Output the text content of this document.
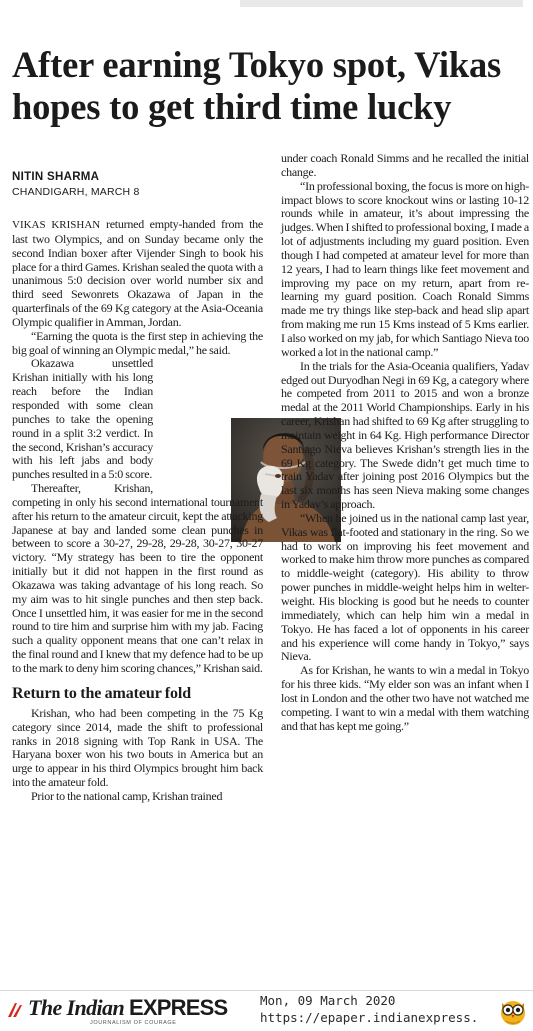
After earning Tokyo spot, Vikas hopes to get third time lucky
NITIN SHARMA
CHANDIGARH, MARCH 8

VIKAS KRISHAN returned empty-handed from the last two Olympics, and on Sunday became only the second Indian boxer after Vijender Singh to book his place for a third Games. Krishan sealed the quota with a unanimous 5:0 decision over world number six and third seed Sewonrets Okazawa of Japan in the quarterfinals of the 69 Kg category at the Asia-Oceania Olympic qualifier in Amman, Jordan.

“Earning the quota is the first step in achieving the big goal of winning an Olympic medal,” he said.

Okazawa unsettled Krishan initially with his long reach before the Indian responded with some clean punches to take the opening round in a split 3:2 verdict. In the second, Krishan’s accuracy with his left jabs and body punches resulted in a 5:0 score.

Thereafter, Krishan, competing in only his second international tournament after his return to the amateur circuit, kept the attacking Japanese at bay and landed some clean punches in between to score a 30-27, 29-28, 29-28, 30-27, 30-27 victory. “My strategy has been to tire the opponent initially but it did not happen in the first round as Okazawa was taking advantage of his long reach. So my aim was to hit single punches and then step back. Once I unsettled him, it was easier for me in the second round to tire him and surprise him with my jab. Facing such a quality opponent means that one can’t relax in the final round and I knew that my defence had to be up to the mark to deny him scoring chances,” Krishan said.

Return to the amateur fold

Krishan, who had been competing in the 75 Kg category since 2014, made the shift to professional ranks in 2018 signing with Top Rank in USA. The Haryana boxer won his two bouts in America but an urge to appear in his third Olympics brought him back into the amateur fold.

Prior to the national camp, Krishan trained

under coach Ronald Simms and he recalled the initial change.

“In professional boxing, the focus is more on high-impact blows to score knockout wins or lasting 10-12 rounds while in amateur, it’s about impressing the judges. When I shifted to professional boxing, I made a lot of adjustments including my guard position. Even though I had competed at amateur level for more than 12 years, I had to learn things like feet movement and improving my pace on my return, apart from re-learning my guard position. Coach Ronald Simms made me try things like step-back and head slip apart from making me run 15 Kms instead of 5 Kms earlier. I also worked on my jab, for which Santiago Nieva too worked a lot in the national camp.”

In the trials for the Asia-Oceania qualifiers, Yadav edged out Duryodhan Negi in 69 Kg, a category where he competed from 2011 to 2015 and won a bronze medal at the 2011 World Championships. Early in his career, Krishan had shifted to 69 Kg after struggling to maintain weight in 64 Kg. High performance Director Santiago Nieva believes Krishan’s strength lies in the 69 Kg category. The Swede didn’t get much time to train Yadav after joining post 2016 Olympics but the last six months has seen Nieva making some changes in Yadav’s approach.

“When he joined us in the national camp last year, Vikas was flat-footed and stationary in the ring. So we had to work on improving his feet movement and worked to make him throw more punches as compared to middle-weight (category). His ability to throw power punches in middle-weight helps him in welter-weight. His blocking is good but he needs to counter immediately, which can help him win a medal in Tokyo. He has faced a lot of opponents in his career and his experience will come handy in Tokyo,” says Nieva.

As for Krishan, he wants to win a medal in Tokyo for his three kids. “My elder son was an infant when I lost in London and the other two have not watched me competing. I want to win a medal with them watching and that has kept me going.”

The Indian EXPRESS
JOURNALISM OF COURAGE
Mon, 09 March 2020
https://epaper.indianexpress.
